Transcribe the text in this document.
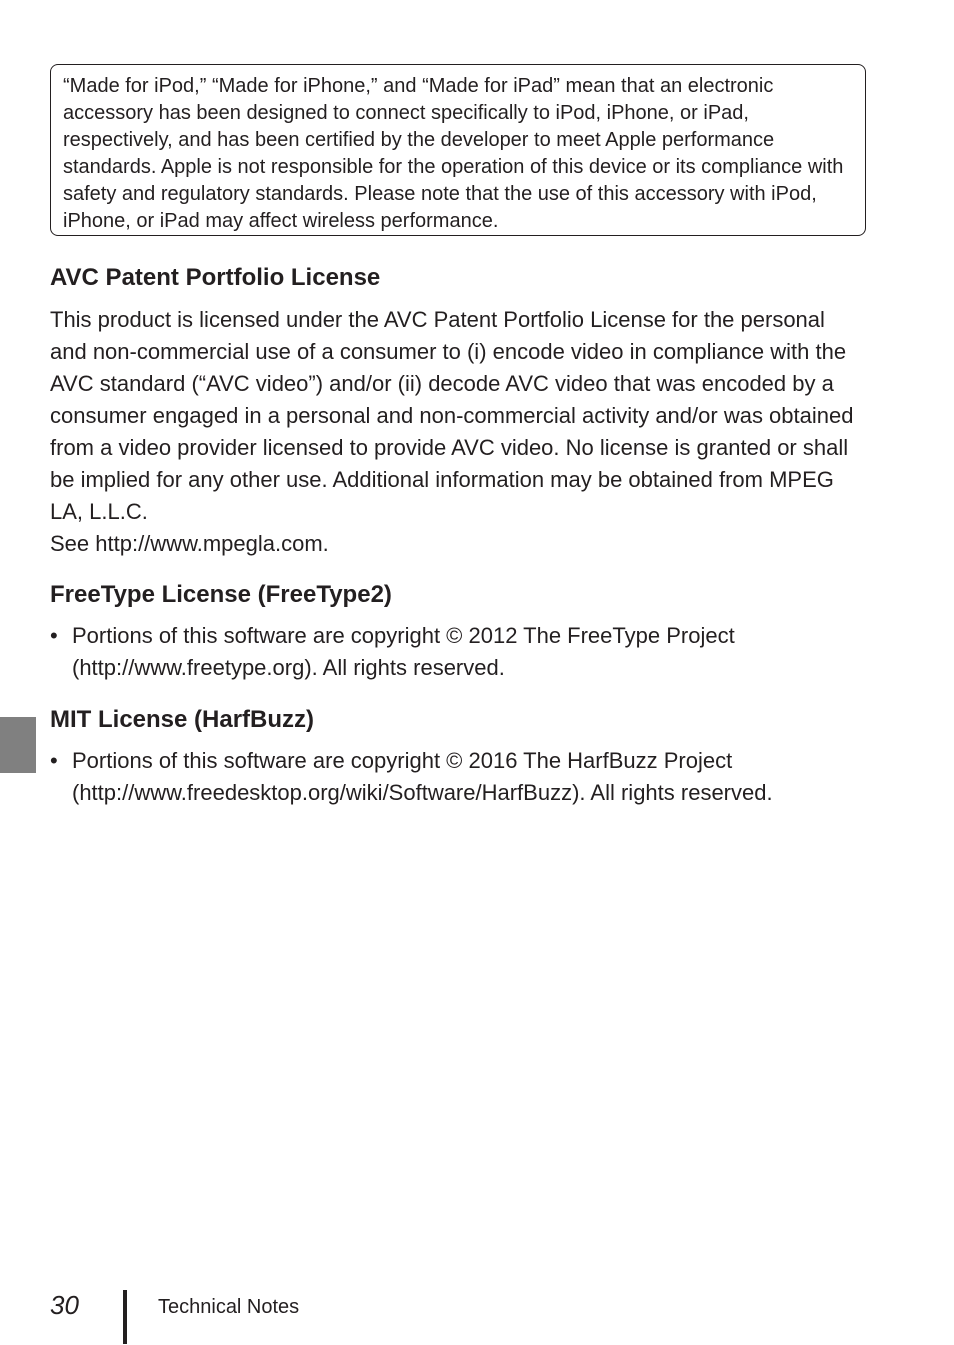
“Made for iPod,” “Made for iPhone,” and “Made for iPad” mean that an electronic accessory has been designed to connect specifically to iPod, iPhone, or iPad, respectively, and has been certified by the developer to meet Apple performance standards. Apple is not responsible for the operation of this device or its compliance with safety and regulatory standards. Please note that the use of this accessory with iPod, iPhone, or iPad may affect wireless performance.
AVC Patent Portfolio License

This product is licensed under the AVC Patent Portfolio License for the personal and non-commercial use of a consumer to (i) encode video in compliance with the AVC standard (“AVC video”) and/or (ii) decode AVC video that was encoded by a consumer engaged in a personal and non-commercial activity and/or was obtained from a video provider licensed to provide AVC video. No license is granted or shall be implied for any other use. Additional information may be obtained from MPEG LA, L.L.C.

See http://www.mpegla.com.

FreeType License (FreeType2)
• Portions of this software are copyright © 2012 The FreeType Project (http://www.freetype.org). All rights reserved.
MIT License (HarfBuzz)
• Portions of this software are copyright © 2016 The HarfBuzz Project (http://www.freedesktop.org/wiki/Software/HarfBuzz). All rights reserved.
30	Technical Notes
